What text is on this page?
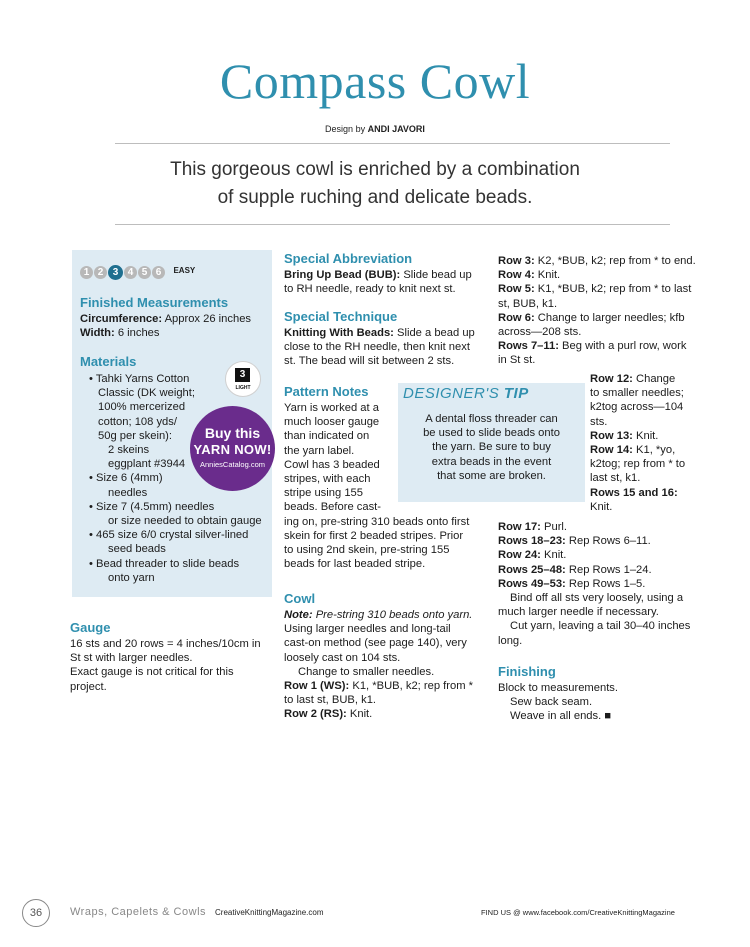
Compass Cowl
Design by ANDI JAVORI
This gorgeous cowl is enriched by a combination
of supple ruching and delicate beads.
1 2 3 4 5 6 EASY
Finished Measurements
Circumference: Approx 26 inches
Width: 6 inches
Materials
• Tahki Yarns Cotton
Classic (DK weight;
100% mercerized
cotton; 108 yds/
50g per skein):
2 skeins
eggplant #3944
• Size 6 (4mm)
needles
• Size 7 (4.5mm) needles
or size needed to obtain gauge
• 465 size 6/0 crystal silver-lined
seed beads
• Bead threader to slide beads
onto yarn
3
LIGHT
Buy this
YARN NOW!
AnniesCatalog.com
Gauge
16 sts and 20 rows = 4 inches/10cm in
St st with larger needles.
Exact gauge is not critical for this
project.
Special Abbreviation
Bring Up Bead (BUB): Slide bead up
to RH needle, ready to knit next st.
Special Technique
Knitting With Beads: Slide a bead up
close to the RH needle, then knit next
st. The bead will sit between 2 sts.
Pattern Notes
Yarn is worked at a
much looser gauge
than indicated on
the yarn label.
Cowl has 3 beaded
stripes, with each
stripe using 155
beads. Before cast-
ing on, pre-string 310 beads onto first
skein for first 2 beaded stripes. Prior
to using 2nd skein, pre-string 155
beads for last beaded stripe.
DESIGNER'S TIP
A dental floss threader can
be used to slide beads onto
the yarn. Be sure to buy
extra beads in the event
that some are broken.
Cowl
Note: Pre-string 310 beads onto yarn.
Using larger needles and long-tail
cast-on method (see page 140), very
loosely cast on 104 sts.
Change to smaller needles.
Row 1 (WS): K1, *BUB, k2; rep from *
to last st, BUB, k1.
Row 2 (RS): Knit.
Row 3: K2, *BUB, k2; rep from * to end.
Row 4: Knit.
Row 5: K1, *BUB, k2; rep from * to last
st, BUB, k1.
Row 6: Change to larger needles; kfb
across—208 sts.
Rows 7–11: Beg with a purl row, work
in St st.
Row 12: Change
to smaller needles;
k2tog across—104
sts.
Row 13: Knit.
Row 14: K1, *yo,
k2tog; rep from * to
last st, k1.
Rows 15 and 16:
Knit.
Row 17: Purl.
Rows 18–23: Rep Rows 6–11.
Row 24: Knit.
Rows 25–48: Rep Rows 1–24.
Rows 49–53: Rep Rows 1–5.
Bind off all sts very loosely, using a
much larger needle if necessary.
Cut yarn, leaving a tail 30–40 inches
long.
Finishing
Block to measurements.
Sew back seam.
Weave in all ends. ■
36	Wraps, Capelets & Cowls CreativeKnittingMagazine.com	FIND US @ www.facebook.com/CreativeKnittingMagazine
